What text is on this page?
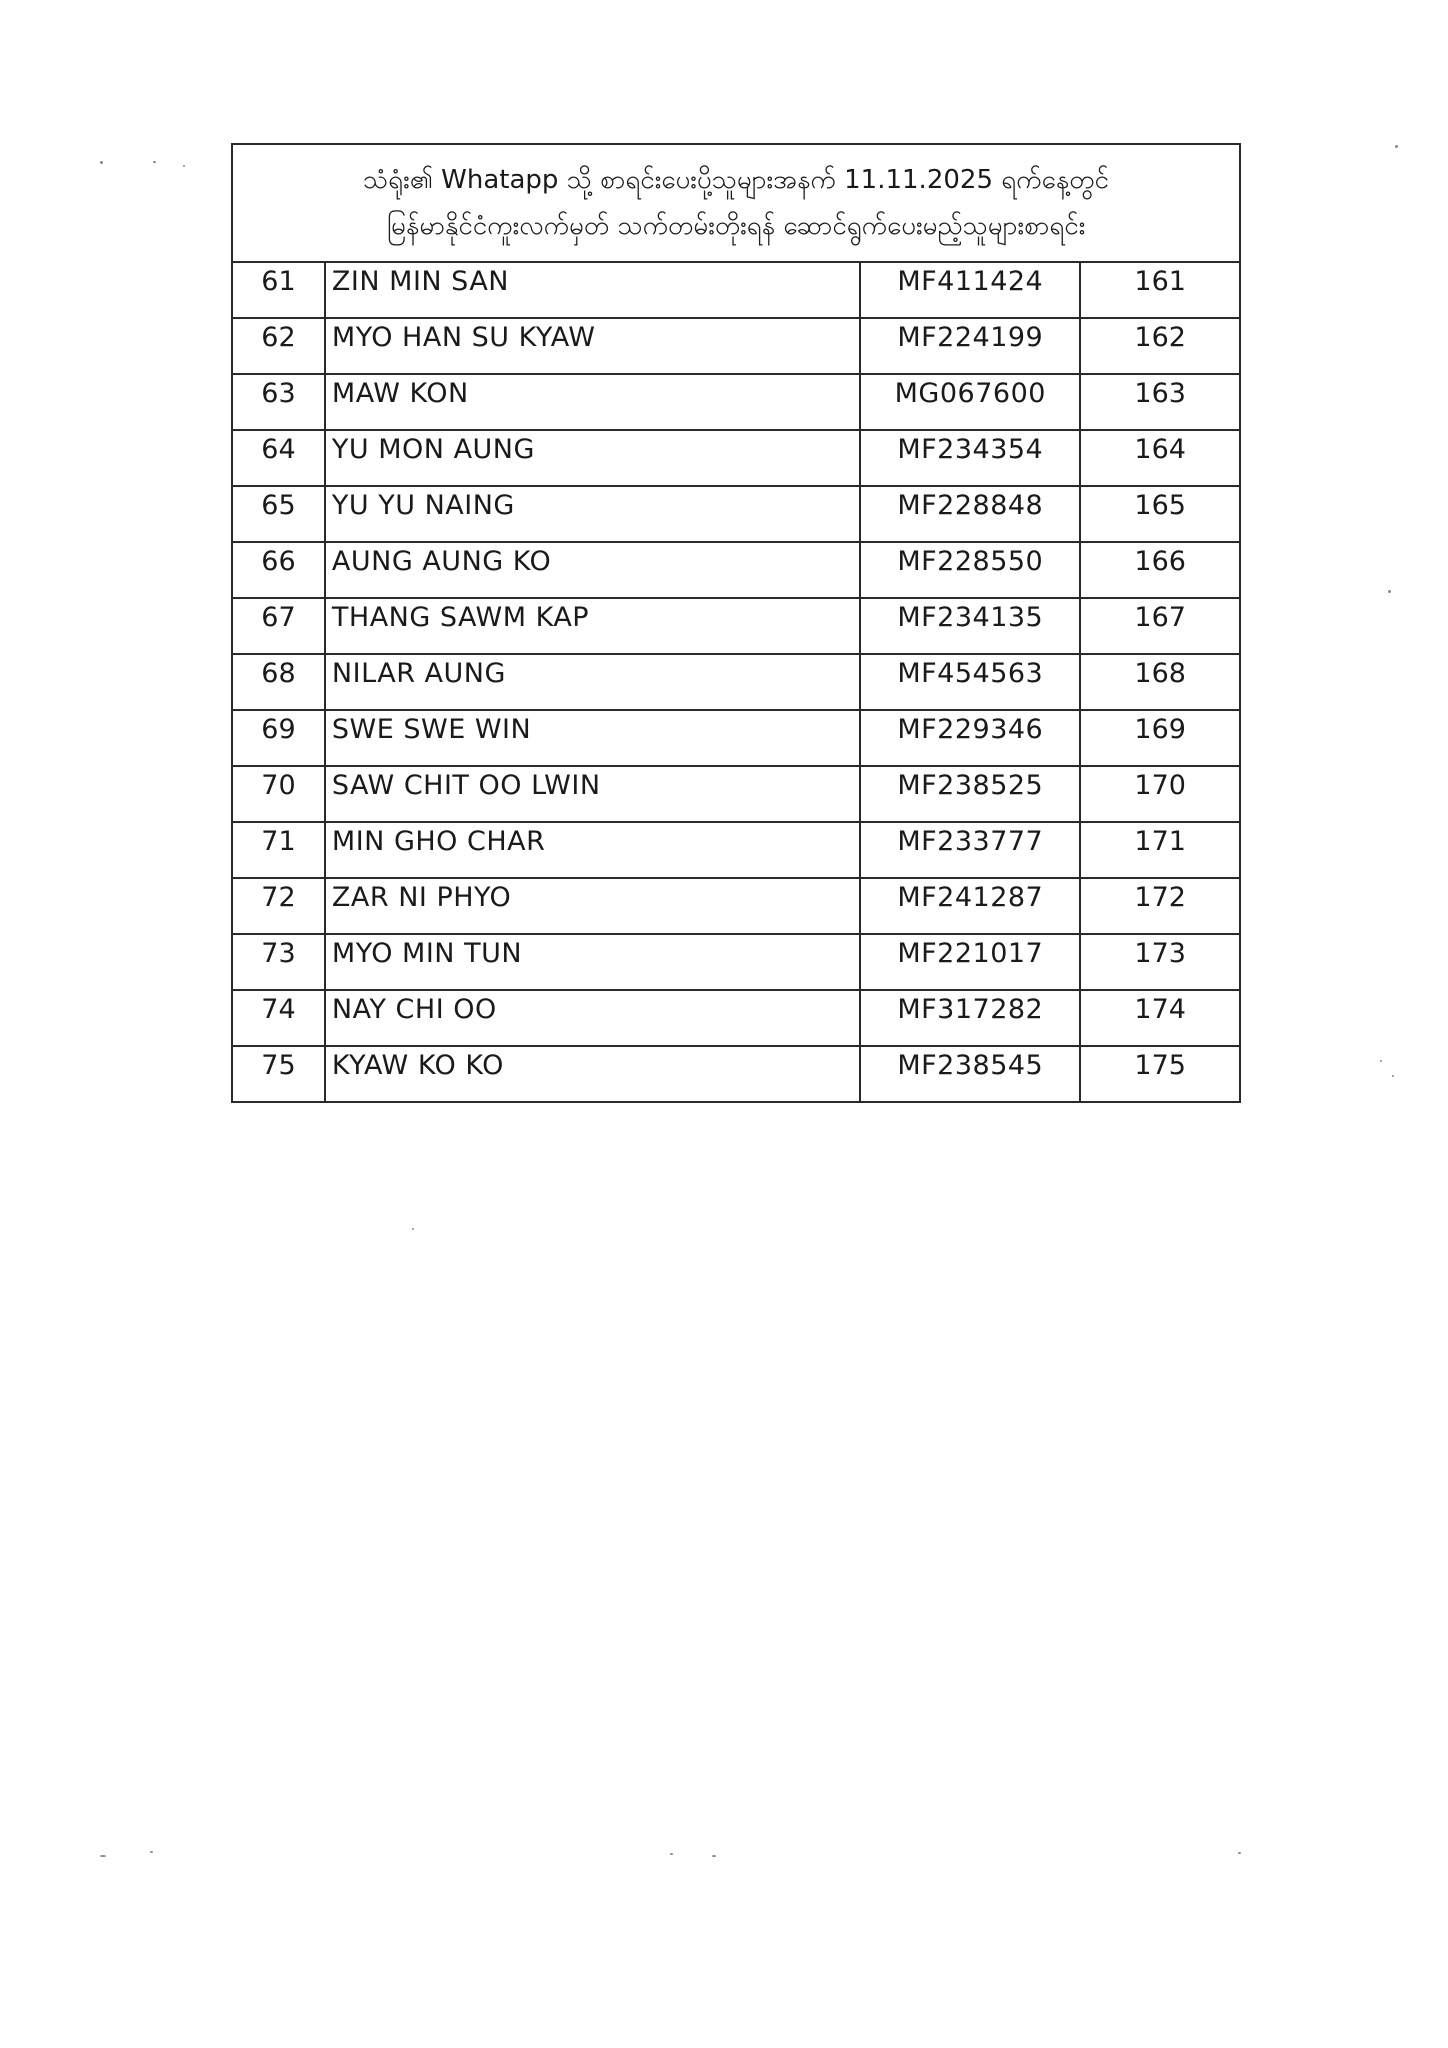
သံရုံး၏ Whatapp သို့ စာရင်းပေးပို့သူများအနက် 11.11.2025 ရက်နေ့တွင်
မြန်မာနိုင်ငံကူးလက်မှတ် သက်တမ်းတိုးရန် ဆောင်ရွက်ပေးမည့်သူများစာရင်း			

61	ZIN MIN SAN	MF411424	161
62	MYO HAN SU KYAW	MF224199	162
63	MAW KON	MG067600	163
64	YU MON AUNG	MF234354	164
65	YU YU NAING	MF228848	165
66	AUNG AUNG KO	MF228550	166
67	THANG SAWM KAP	MF234135	167
68	NILAR AUNG	MF454563	168
69	SWE SWE WIN	MF229346	169
70	SAW CHIT OO LWIN	MF238525	170
71	MIN GHO CHAR	MF233777	171
72	ZAR NI PHYO	MF241287	172
73	MYO MIN TUN	MF221017	173
74	NAY CHI OO	MF317282	174
75	KYAW KO KO	MF238545	175
